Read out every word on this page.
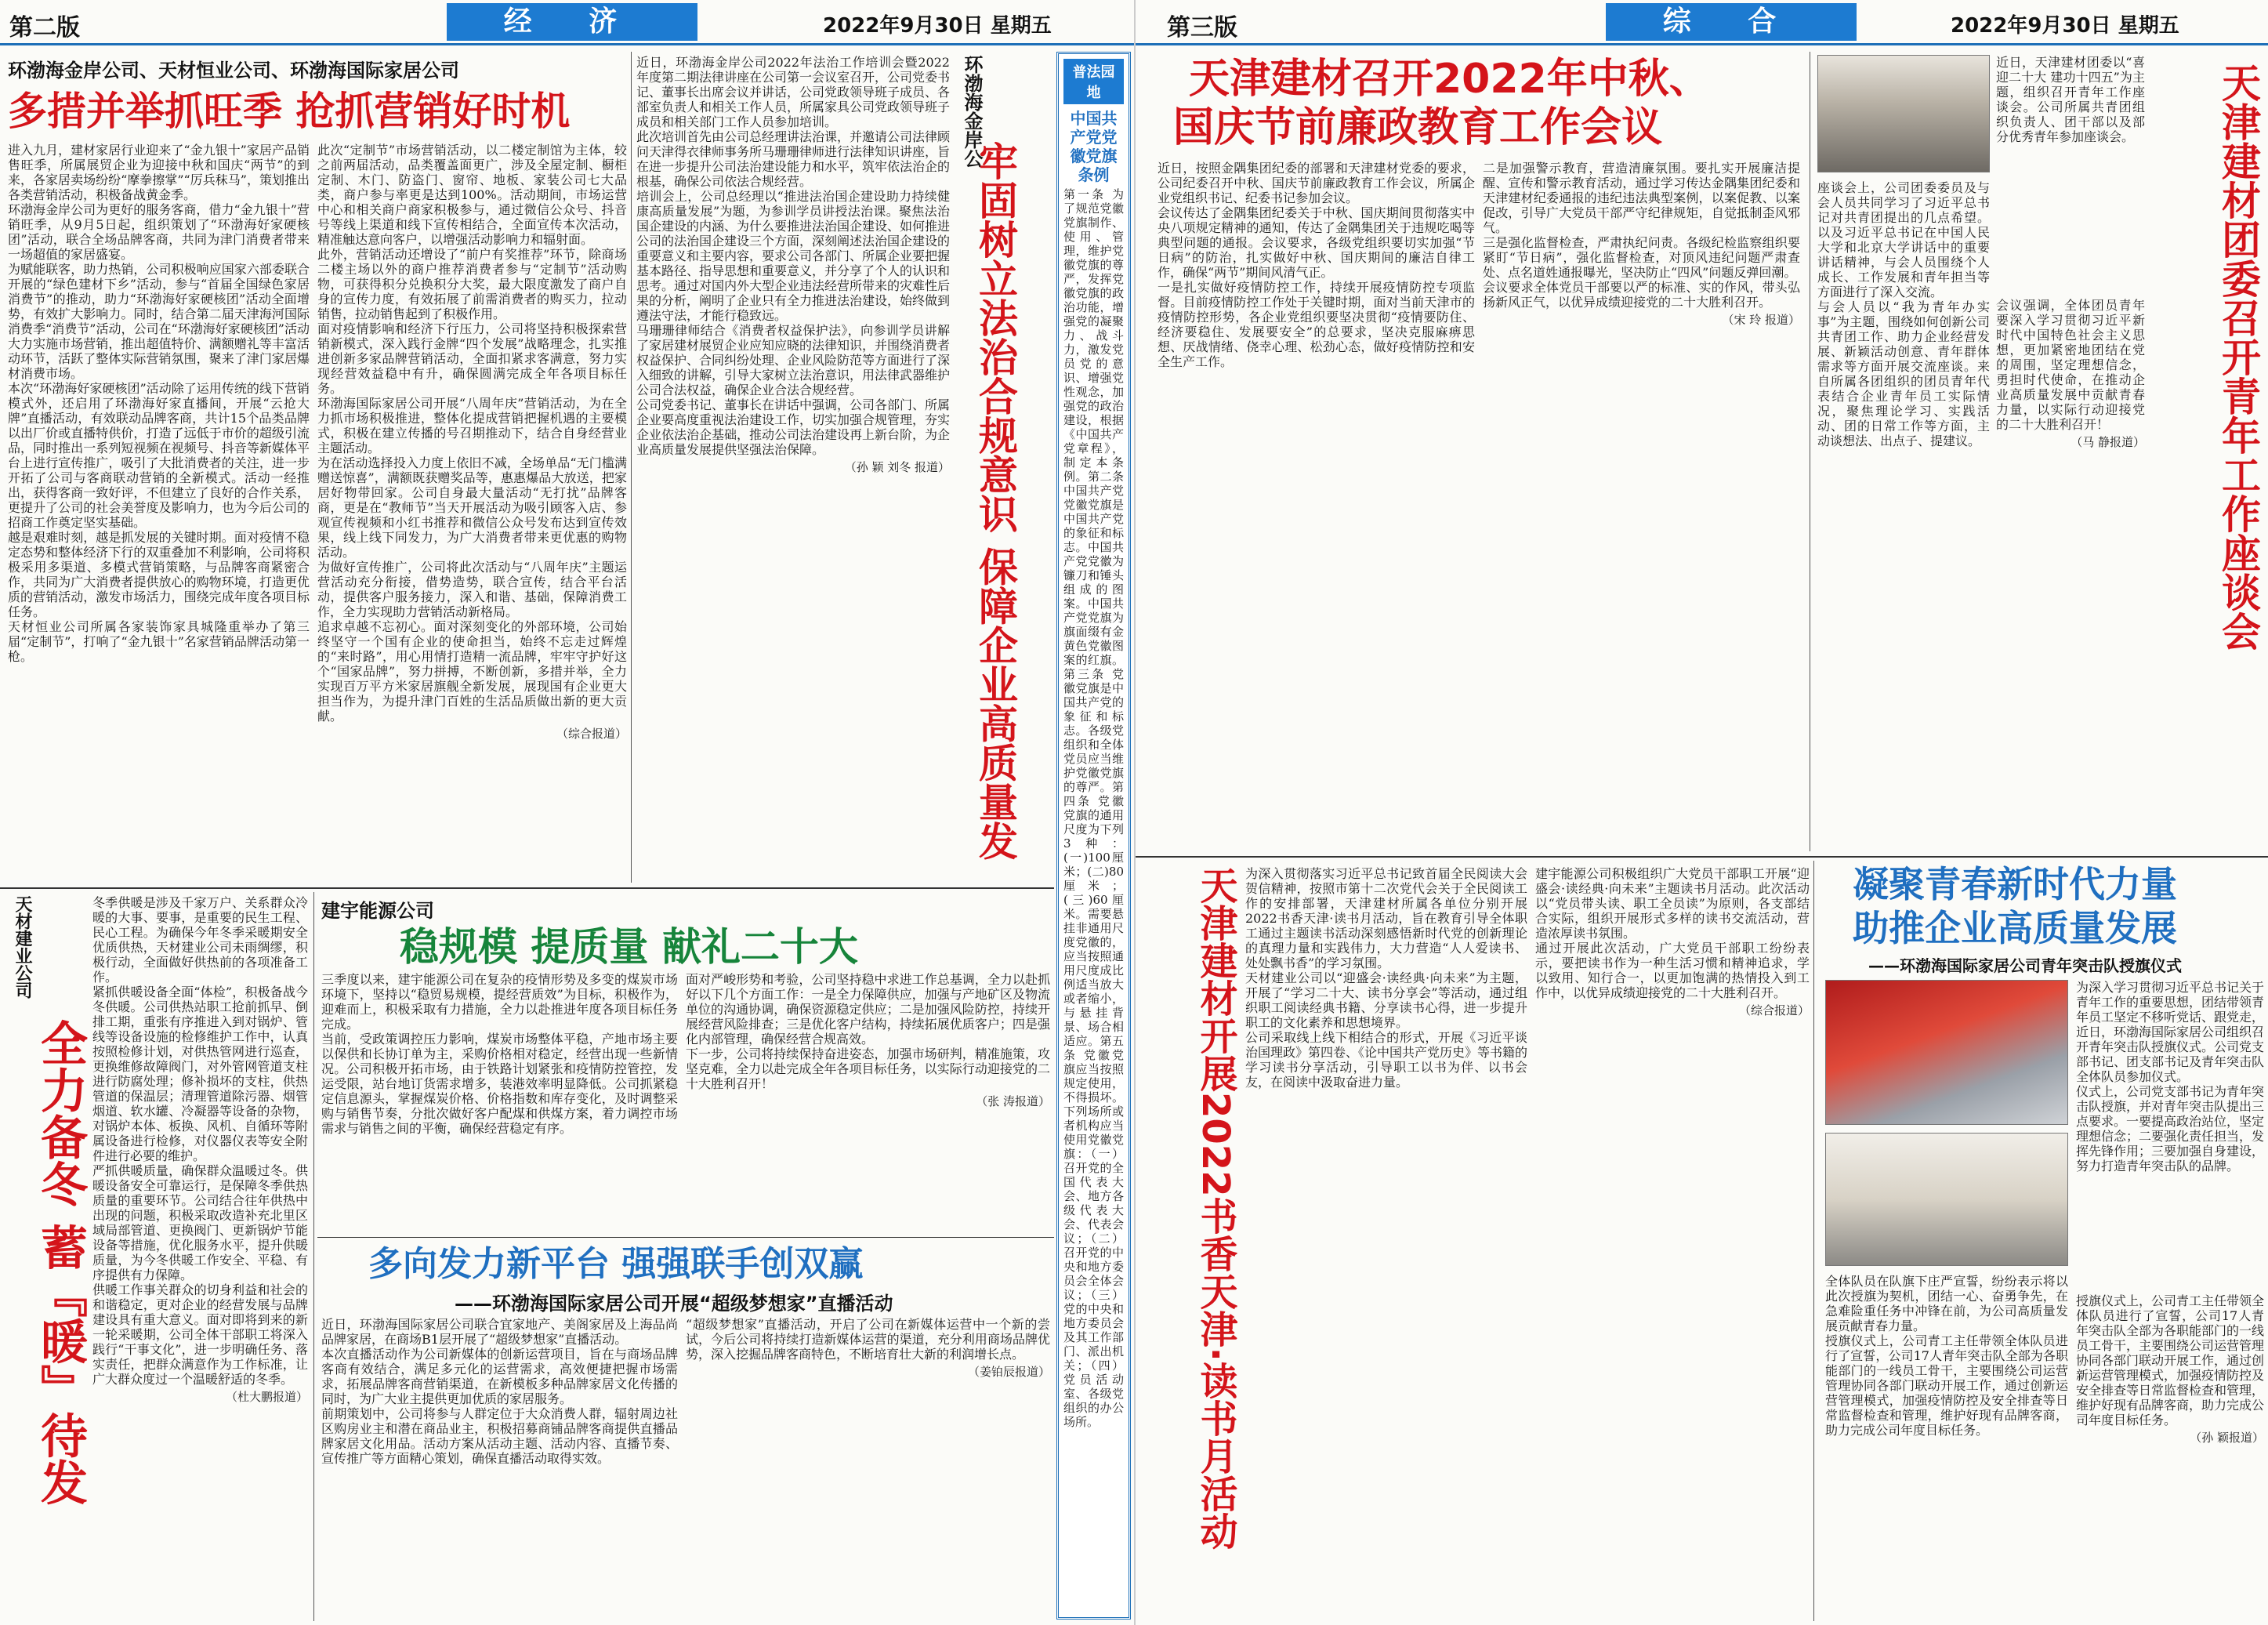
第二版	经 济	2022年9月30日 星期五
环渤海金岸公司、天材恒业公司、环渤海国际家居公司
多措并举抓旺季 抢抓营销好时机

进入九月，建材家居行业迎来了“金九银十”家居产品销售旺季，所属展贸企业为迎接中秋和国庆“两节”的到来，各家居卖场纷纷“摩拳擦掌”“厉兵秣马”，策划推出各类营销活动，积极备战黄金季。

环渤海金岸公司为更好的服务客商，借力“金九银十”营销旺季，从9月5日起，组织策划了“环渤海好家硬核团”活动，联合全场品牌客商，共同为津门消费者带来一场超值的家居盛宴。

为赋能联客，助力热销，公司积极响应国家六部委联合开展的“绿色建材下乡”活动，参与“首届全国绿色家居消费节”的推动，助力“环渤海好家硬核团”活动全面增势，有效扩大影响力。同时，结合第二届天津海河国际消费季“消费节”活动，公司在“环渤海好家硬核团”活动大力实施市场营销，推出超值特价、满额赠礼等丰富活动环节，活跃了整体实际营销氛围，聚来了津门家居爆材消费市场。

本次“环渤海好家硬核团”活动除了运用传统的线下营销模式外，还启用了环渤海好家直播间，开展“云抢大牌”直播活动，有效联动品牌客商，共计15个品类品牌以出厂价或直播特供价，打造了远低于市价的超级引流品，同时推出一系列短视频在视频号、抖音等新媒体平台上进行宣传推广，吸引了大批消费者的关注，进一步开拓了公司与客商联动营销的全新模式。活动一经推出，获得客商一致好评，不但建立了良好的合作关系，更提升了公司的社会美誉度及影响力，也为今后公司的招商工作奠定坚实基础。

越是艰难时刻，越是抓发展的关键时期。面对疫情不稳定态势和整体经济下行的双重叠加不利影响，公司将积极采用多渠道、多模式营销策略，与品牌客商紧密合作，共同为广大消费者提供放心的购物环境，打造更优质的营销活动，激发市场活力，围绕完成年度各项目标任务。

天材恒业公司所属各家装饰家具城隆重举办了第三届“定制节”，打响了“金九银十”名家营销品牌活动第一枪。

此次“定制节”市场营销活动，以二楼定制馆为主体，较之前两届活动，品类覆盖面更广，涉及全屋定制、橱柜定制、木门、防盗门、窗帘、地板、家装公司七大品类，商户参与率更是达到100%。活动期间，市场运营中心和相关商户商家积极参与，通过微信公众号、抖音号等线上渠道和线下宣传相结合，全面宣传本次活动，精准触达意向客户，以增强活动影响力和辐射面。

此外，营销活动还增设了“前户有奖推荐”环节，除商场二楼主场以外的商户推荐消费者参与“定制节”活动购物，可获得积分兑换积分大奖，最大限度激发了商户自身的宣传力度，有效拓展了前需消费者的购买力，拉动销售，拉动销售起到了积极作用。

面对疫情影响和经济下行压力，公司将坚持积极探索营销新模式，深入践行金牌“四个发展”战略理念，扎实推进创新多家品牌营销活动，全面扣紧求客满意，努力实现经营效益稳中有升，确保圆满完成全年各项目标任务。

环渤海国际家居公司开展“八周年庆”营销活动，为在全力抓市场积极推进，整体化提成营销把握机遇的主要模式，积极在建立传播的号召期推动下，结合自身经营业主题活动。

为在活动选择投入力度上依旧不减，全场单品“无门槛满赠送惊喜”，满额既获赠奖品等，惠惠爆品大放送，把家居好物带回家。公司自身最大量活动“无打扰”品牌客商，更是在“教师节”当天开展活动为吸引顾客入店、参观宣传视频和小红书推荐和微信公众号发布达到宣传效果，线上线下同发力，为广大消费者带来更优惠的购物活动。

为做好宣传推广，公司将此次活动与“八周年庆”主题运营活动充分衔接，借势造势，联合宣传，结合平台活动，提供客户服务接力，深入和谐、基础，保障消费工作，全力实现助力营销活动新格局。

追求卓越不忘初心。面对深刻变化的外部环境，公司始终坚守一个国有企业的使命担当，始终不忘走过辉煌的“来时路”，用心用情打造精一流品牌，牢牢守护好这个“国家品牌”，努力拼搏，不断创新，多措并举，全力实现百万平方米家居旗舰全新发展，展现国有企业更大担当作为，为提升津门百姓的生活品质做出新的更大贡献。

（综合报道）

近日，环渤海金岸公司2022年法治工作培训会暨2022年度第二期法律讲座在公司第一会议室召开，公司党委书记、董事长出席会议并讲话，公司党政领导班子成员、各部室负责人和相关工作人员，所属家具公司党政领导班子成员和相关部门工作人员参加培训。

此次培训首先由公司总经理讲法治课，并邀请公司法律顾问天津得衣律师事务所马珊珊律师进行法律知识讲座，旨在进一步提升公司法治建设能力和水平，筑牢依法治企的根基，确保公司依法合规经营。

培训会上，公司总经理以“推进法治国企建设助力持续健康高质量发展”为题，为参训学员讲授法治课。聚焦法治国企建设的内涵、为什么要推进法治国企建设、如何推进公司的法治国企建设三个方面，深刻阐述法治国企建设的重要意义和主要内容，要求公司各部门、所属企业要把握基本路径、指导思想和重要意义，并分享了个人的认识和思考。通过对国内外大型企业违法经营所带来的灾难性后果的分析，阐明了企业只有全力推进法治建设，始终做到遵法守法，才能行稳致远。

马珊珊律师结合《消费者权益保护法》，向参训学员讲解了家居建材展贸企业应知应晓的法律知识，并围绕消费者权益保护、合同纠纷处理、企业风险防范等方面进行了深入细致的讲解，引导大家树立法治意识，用法律武器维护公司合法权益，确保企业合法合规经营。

公司党委书记、董事长在讲话中强调，公司各部门、所属企业要高度重视法治建设工作，切实加强合规管理，夯实企业依法治企基础，推动公司法治建设再上新台阶，为企业高质量发展提供坚强法治保障。

（孙 颖 刘冬 报道）
环渤海金岸公
牢固树立法治合规意识 保障企业高质量发
普法园地
中国共产党党徽党旗条例
第一条 为了规范党徽党旗制作、使用、管理，维护党徽党旗的尊严，发挥党徽党旗的政治功能，增强党的凝聚力、战斗力，激发党员党的意识、增强党性观念，加强党的政治建设，根据《中国共产党章程》，制定本条例。第二条 中国共产党党徽党旗是中国共产党的象征和标志。中国共产党党徽为镰刀和锤头组成的图案。中国共产党党旗为旗面缀有金黄色党徽图案的红旗。第三条 党徽党旗是中国共产党的象征和标志。各级党组织和全体党员应当维护党徽党旗的尊严。第四条 党徽党旗的通用尺度为下列3种：(一)100厘米；(二)80厘米；(三)60厘米。需要悬挂非通用尺度党徽的，应当按照通用尺度成比例适当放大或者缩小，与悬挂背景、场合相适应。第五条 党徽党旗应当按照规定使用，不得损坏。下列场所或者机构应当使用党徽党旗：（一）召开党的全国代表大会、地方各级代表大会、代表会议；（二）召开党的中央和地方委员会全体会议；（三）党的中央和地方委员会及其工作部门、派出机关；（四）党员活动室、各级党组织的办公场所。
天材建业公司
全力备冬 蓄『暖』待发

冬季供暖是涉及千家万户、关系群众冷暖的大事、要事，是重要的民生工程、民心工程。为确保今年冬季采暖期安全优质供热，天材建业公司未雨绸缪，积极行动，全面做好供热前的各项准备工作。

紧抓供暖设备全面“体检”，积极备战今冬供暖。公司供热站职工抢前抓早、倒排工期，重张有序推进入到对锅炉、管线等设备设施的检修维护工作中，认真按照检修计划，对供热管网进行巡查，更换维修故障阀门，对外管网管道支柱进行防腐处理；修补损坏的支柱，供热管道的保温层；清理管道除污器、烟管烟道、软水罐、冷凝器等设备的杂物，对锅炉本体、板换、风机、自循环等附属设备进行检修，对仪器仪表等安全附件进行必要的维护。

严抓供暖质量，确保群众温暖过冬。供暖设备安全可靠运行，是保障冬季供热质量的重要环节。公司结合往年供热中出现的问题，积极采取改造补充北里区域局部管道、更换阀门、更新锅炉节能设备等措施，优化服务水平，提升供暖质量，为今冬供暖工作安全、平稳、有序提供有力保障。

供暖工作事关群众的切身利益和社会的和谐稳定，更对企业的经营发展与品牌建设具有重大意义。面对即将到来的新一轮采暖期，公司全体干部职工将深入践行“干事文化”，进一步明确任务、落实责任，把群众满意作为工作标准，让广大群众度过一个温暖舒适的冬季。

（杜大鹏报道）
建宇能源公司
稳规模 提质量 献礼二十大

三季度以来，建宇能源公司在复杂的疫情形势及多变的煤炭市场环境下，坚持以“稳贸易规模，提经营质效”为目标，积极作为，迎难而上，积极采取有力措施，全力以赴推进年度各项目标任务完成。

当前，受政策调控压力影响，煤炭市场整体平稳，产地市场主要以保供和长协订单为主，采购价格相对稳定，经营出现一些新情况。公司积极开拓市场，由于铁路计划紧张和疫情防控管控，发运受限，站台地订货需求增多，装港效率明显降低。公司抓紧稳定信息源头，掌握煤炭价格、价格指数和库存变化，及时调整采购与销售节奏，分批次做好客户配煤和供煤方案，着力调控市场需求与销售之间的平衡，确保经营稳定有序。

面对严峻形势和考验，公司坚持稳中求进工作总基调，全力以赴抓好以下几个方面工作：一是全力保障供应，加强与产地矿区及物流单位的沟通协调，确保资源稳定供应；二是加强风险防控，持续开展经营风险排查；三是优化客户结构，持续拓展优质客户；四是强化内部管理，确保经营合规高效。

下一步，公司将持续保持奋进姿态，加强市场研判，精准施策，攻坚克难，全力以赴完成全年各项目标任务，以实际行动迎接党的二十大胜利召开！

（张 涛报道）
多向发力新平台 强强联手创双赢
——环渤海国际家居公司开展“超级梦想家”直播活动

近日，环渤海国际家居公司联合宜家地产、美阁家居及上海品尚品牌家居，在商场B1层开展了“超级梦想家”直播活动。

本次直播活动作为公司新媒体的创新运营项目，旨在与商场品牌客商有效结合，满足多元化的运营需求，高效便捷把握市场需求，拓展品牌客商营销渠道，在新模板多种品牌家居文化传播的同时，为广大业主提供更加优质的家居服务。

前期策划中，公司将参与人群定位于大众消费人群，辐射周边社区购房业主和潜在商品业主，积极招募商铺品牌客商提供直播品牌家居文化用品。活动方案从活动主题、活动内容、直播节奏、宣传推广等方面精心策划，确保直播活动取得实效。

“超级梦想家”直播活动，开启了公司在新媒体运营中一个新的尝试，今后公司将持续打造新媒体运营的渠道，充分利用商场品牌优势，深入挖掘品牌客商特色，不断培育壮大新的利润增长点。

（姜铂辰报道）
第三版	综 合	2022年9月30日 星期五
天津建材召开2022年中秋、
国庆节前廉政教育工作会议

近日，按照金隅集团纪委的部署和天津建材党委的要求，公司纪委召开中秋、国庆节前廉政教育工作会议，所属企业党组织书记、纪委书记参加会议。

会议传达了金隅集团纪委关于中秋、国庆期间贯彻落实中央八项规定精神的通知，传达了金隅集团关于违规吃喝等典型问题的通报。会议要求，各级党组织要切实加强“节日病”的防治，扎实做好中秋、国庆期间的廉洁自律工作，确保“两节”期间风清气正。

一是扎实做好疫情防控工作，持续开展疫情防控专项监督。目前疫情防控工作处于关键时期，面对当前天津市的疫情防控形势，各企业党组织要坚决贯彻“疫情要防住、经济要稳住、发展要安全”的总要求，坚决克服麻痹思想、厌战情绪、侥幸心理、松劲心态，做好疫情防控和安全生产工作。

二是加强警示教育，营造清廉氛围。要扎实开展廉洁提醒、宣传和警示教育活动，通过学习传达金隅集团纪委和天津建材纪委通报的违纪违法典型案例，以案促教、以案促改，引导广大党员干部严守纪律规矩，自觉抵制歪风邪气。

三是强化监督检查，严肃执纪问责。各级纪检监察组织要紧盯“节日病”，强化监督检查，对顶风违纪问题严肃查处、点名道姓通报曝光，坚决防止“四风”问题反弹回潮。

会议要求全体党员干部要以严的标准、实的作风，带头弘扬新风正气，以优异成绩迎接党的二十大胜利召开。

（宋 玲 报道）

近日，天津建材团委以“喜迎二十大 建功十四五”为主题，组织召开青年工作座谈会。公司所属共青团组织负责人、团干部以及部分优秀青年参加座谈会。

座谈会上，公司团委委员及与会人员共同学习了习近平总书记对共青团提出的几点希望。以及习近平总书记在中国人民大学和北京大学讲话中的重要讲话精神，与会人员围绕个人成长、工作发展和青年担当等方面进行了深入交流。

与会人员以“我为青年办实事”为主题，围绕如何创新公司共青团工作、助力企业经营发展、新颖活动创意、青年群体需求等方面开展交流座谈。来自所属各团组织的团员青年代表结合企业青年员工实际情况，聚焦理论学习、实践活动、团的日常工作等方面，主动谈想法、出点子、提建议。

会议强调，全体团员青年要深入学习贯彻习近平新时代中国特色社会主义思想，更加紧密地团结在党的周围，坚定理想信念，勇担时代使命，在推动企业高质量发展中贡献青春力量，以实际行动迎接党的二十大胜利召开！

（马 静报道）	天津建材团委召开青年工作座谈会
天津建材开展2022书香天津·读书月活动 为深入贯彻落实习近平总书记致首届全民阅读大会贺信精神，按照市第十二次党代会关于全民阅读工作的安排部署，天津建材所属各单位分别开展2022书香天津·读书月活动，旨在教育引导全体职工通过主题读书活动深刻感悟新时代党的创新理论的真理力量和实践伟力，大力营造“人人爱读书、处处飘书香”的学习氛围。

天材建业公司以“迎盛会·读经典·向未来”为主题，开展了“学习二十大、读书分享会”等活动，通过组织职工阅读经典书籍、分享读书心得，进一步提升职工的文化素养和思想境界。

公司采取线上线下相结合的形式，开展《习近平谈治国理政》第四卷、《论中国共产党历史》等书籍的学习读书分享活动，引导职工以书为伴、以书会友，在阅读中汲取奋进力量。

建宇能源公司积极组织广大党员干部职工开展“迎盛会·读经典·向未来”主题读书月活动。此次活动以“党员带头读、职工全员读”为原则，各支部结合实际，组织开展形式多样的读书交流活动，营造浓厚读书氛围。

通过开展此次活动，广大党员干部职工纷纷表示，要把读书作为一种生活习惯和精神追求，学以致用、知行合一，以更加饱满的热情投入到工作中，以优异成绩迎接党的二十大胜利召开。

（综合报道）
凝聚青春新时代力量
助推企业高质量发展
——环渤海国际家居公司青年突击队授旗仪式

为深入学习贯彻习近平总书记关于青年工作的重要思想，团结带领青年员工坚定不移听党话、跟党走，近日，环渤海国际家居公司组织召开青年突击队授旗仪式。公司党支部书记、团支部书记及青年突击队全体队员参加仪式。

仪式上，公司党支部书记为青年突击队授旗，并对青年突击队提出三点要求。一要提高政治站位，坚定理想信念；二要强化责任担当，发挥先锋作用；三要加强自身建设，努力打造青年突击队的品牌。

全体队员在队旗下庄严宣誓，纷纷表示将以此次授旗为契机，团结一心、奋勇争先，在急难险重任务中冲锋在前，为公司高质量发展贡献青春力量。

授旗仪式上，公司青工主任带领全体队员进行了宣誓，公司17人青年突击队全部为各职能部门的一线员工骨干，主要围绕公司运营管理协同各部门联动开展工作，通过创新运营管理模式，加强疫情防控及安全排查等日常监督检查和管理，维护好现有品牌客商，助力完成公司年度目标任务。

授旗仪式上，公司青工主任带领全体队员进行了宣誓，公司17人青年突击队全部为各职能部门的一线员工骨干，主要围绕公司运营管理协同各部门联动开展工作，通过创新运营管理模式，加强疫情防控及安全排查等日常监督检查和管理，维护好现有品牌客商，助力完成公司年度目标任务。

（孙 颖报道）
